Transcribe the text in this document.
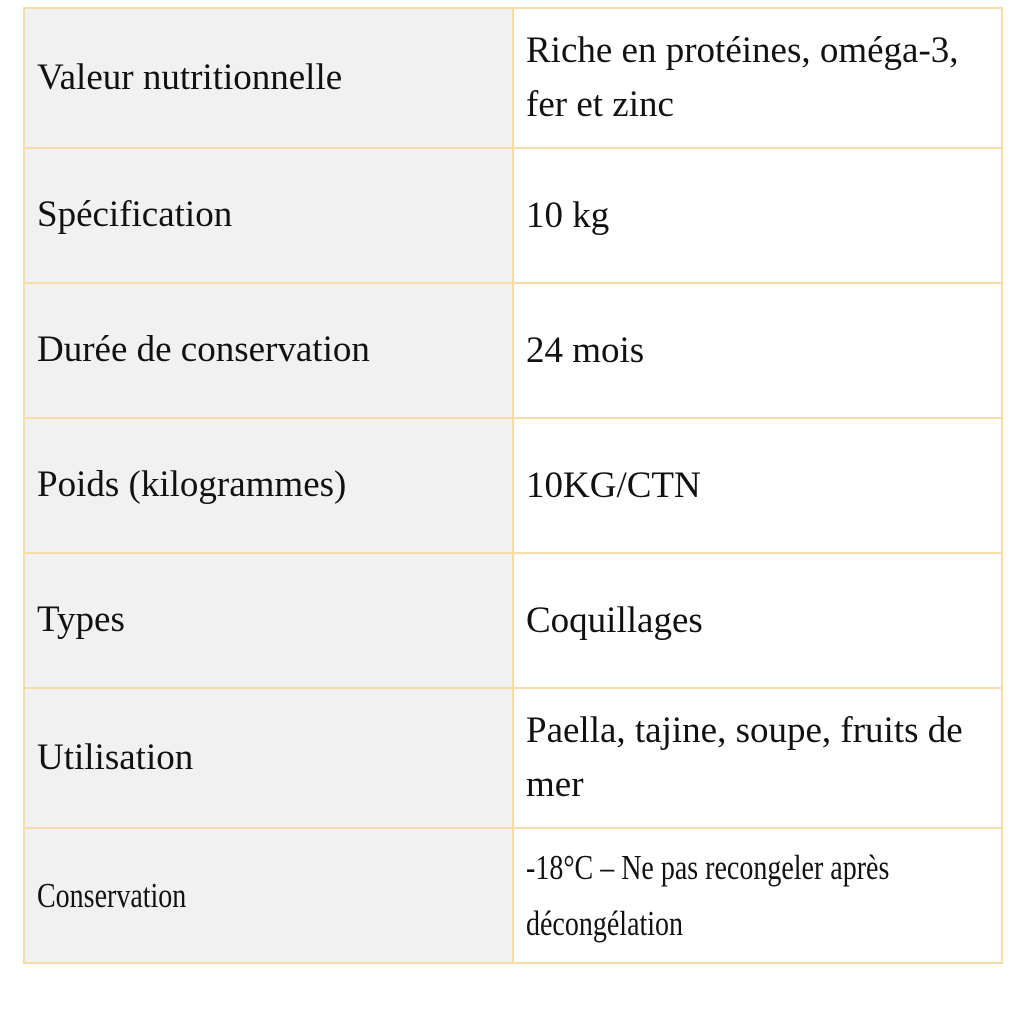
Valeur nutritionnelle	Riche en protéines, oméga-3, fer et zinc
Spécification	10 kg
Durée de conservation	24 mois
Poids (kilogrammes)	10KG/CTN
Types	Coquillages
Utilisation	Paella, tajine, soupe, fruits de mer
Conservation	-18°C – Ne pas recongeler après décongélation
